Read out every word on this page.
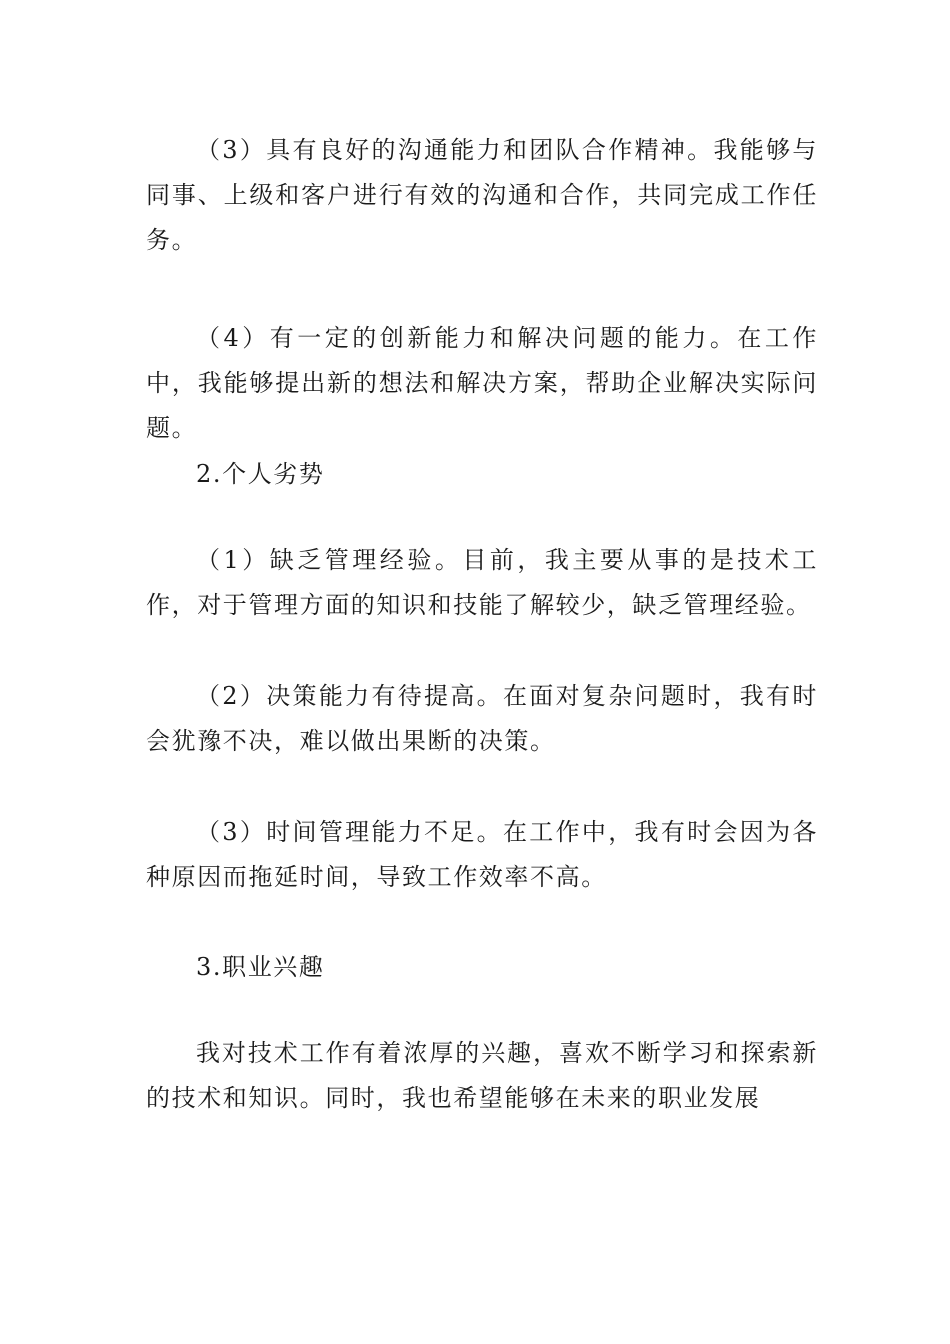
（3）具有良好的沟通能力和团队合作精神。我能够与同事、上级和客户进行有效的沟通和合作，共同完成工作任务。

（4）有一定的创新能力和解决问题的能力。在工作中，我能够提出新的想法和解决方案，帮助企业解决实际问题。

2.个人劣势

（1）缺乏管理经验。目前，我主要从事的是技术工作，对于管理方面的知识和技能了解较少，缺乏管理经验。

（2）决策能力有待提高。在面对复杂问题时，我有时会犹豫不决，难以做出果断的决策。

（3）时间管理能力不足。在工作中，我有时会因为各种原因而拖延时间，导致工作效率不高。

3.职业兴趣

我对技术工作有着浓厚的兴趣，喜欢不断学习和探索新的技术和知识。同时，我也希望能够在未来的职业发展
